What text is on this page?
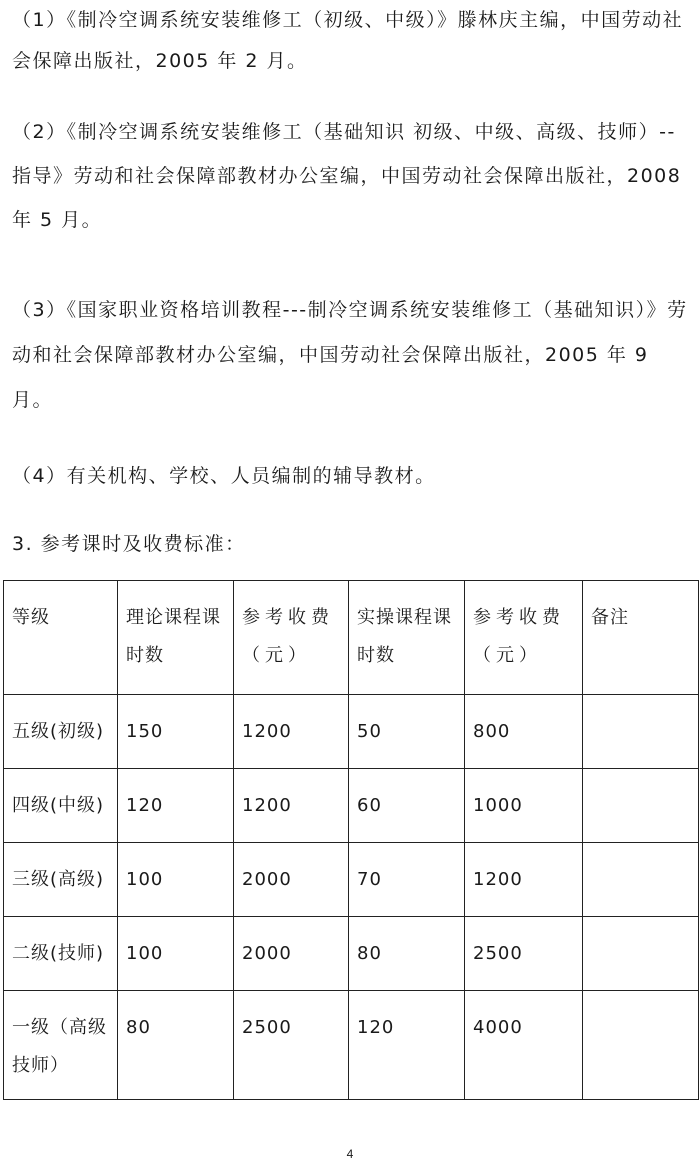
（1）《制冷空调系统安装维修工（初级、中级）》滕林庆主编，中国劳动社会保障出版社，2005 年 2 月。

（2）《制冷空调系统安装维修工（基础知识 初级、中级、高级、技师）--指导》劳动和社会保障部教材办公室编，中国劳动社会保障出版社，2008 年 5 月。

（3）《国家职业资格培训教程---制冷空调系统安装维修工（基础知识）》劳动和社会保障部教材办公室编，中国劳动社会保障出版社，2005 年 9 月。

（4）有关机构、学校、人员编制的辅导教材。

3. 参考课时及收费标准：

等级	理论课程课时数	参考收费（元）	实操课程课时数	参考收费（元）	备注
五级(初级)	150	1200	50	800	
四级(中级)	120	1200	60	1000	
三级(高级)	100	2000	70	1200	
二级(技师)	100	2000	80	2500	
一级（高级技师）	80	2500	120	4000	
4
